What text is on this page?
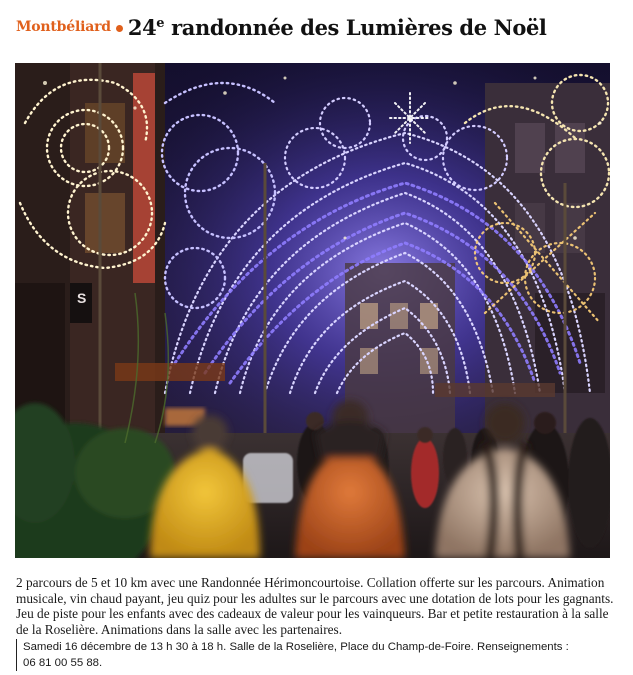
Montbéliard 24e randonnée des Lumières de Noël
S

2 parcours de 5 et 10 km avec une Randonnée Hérimoncourtoise. Collation offerte sur les parcours. Animation musicale, vin chaud payant, jeu quiz pour les adultes sur le parcours avec une dotation de lots pour les gagnants. Jeu de piste pour les enfants avec des cadeaux de valeur pour les vainqueurs. Bar et petite restauration à la salle de la Roselière. Animations dans la salle avec les partenaires.

Samedi 16 décembre de 13 h 30 à 18 h. Salle de la Roselière, Place du Champ-de-Foire. Renseignements :
06 81 00 55 88.
